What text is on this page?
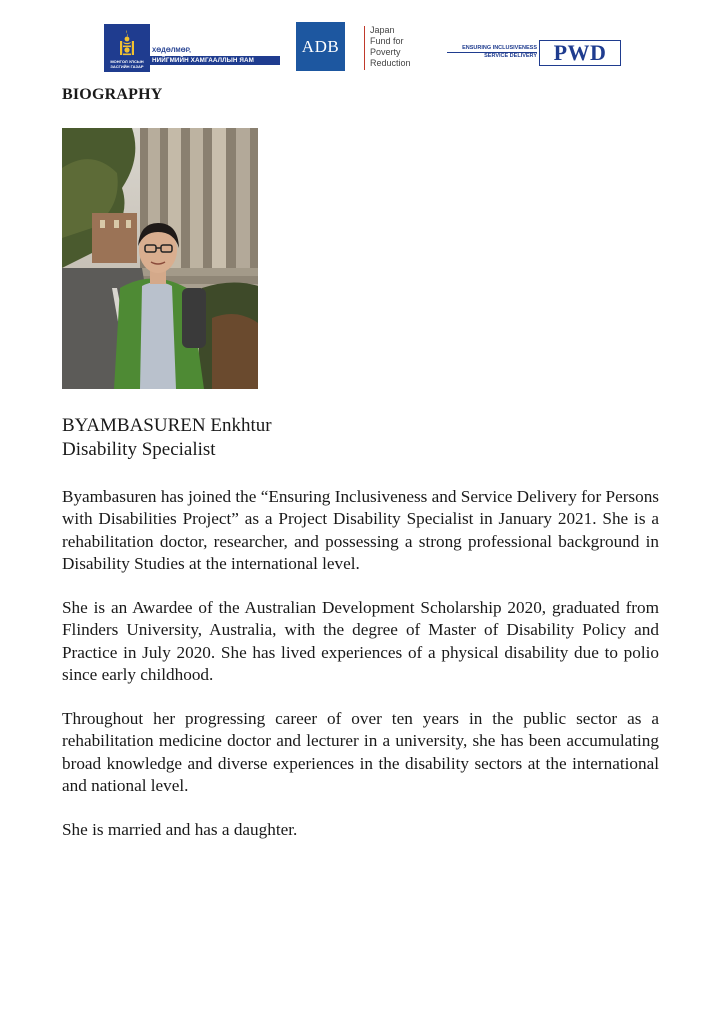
МОНГОЛ УЛСЫН ЗАСГИЙН ГАЗАР
ХӨДӨЛМӨР,
НИЙГМИЙН ХАМГААЛЛЫН ЯАМ
ADB
Japan
Fund for
Poverty
Reduction
ENSURING INCLUSIVENESS
SERVICE DELIVERY PWD
BIOGRAPHY
BYAMBASUREN Enkhtur
Disability Specialist

Byambasuren has joined the “Ensuring Inclusiveness and Service Delivery for Persons with Disabilities Project” as a Project Disability Specialist in January 2021. She is a rehabilitation doctor, researcher, and possessing a strong professional background in Disability Studies at the international level.

She is an Awardee of the Australian Development Scholarship 2020, graduated from Flinders University, Australia, with the degree of Master of Disability Policy and Practice in July 2020. She has lived experiences of a physical disability due to polio since early childhood.

Throughout her progressing career of over ten years in the public sector as a rehabilitation medicine doctor and lecturer in a university, she has been accumulating broad knowledge and diverse experiences in the disability sectors at the international and national level.

She is married and has a daughter.
